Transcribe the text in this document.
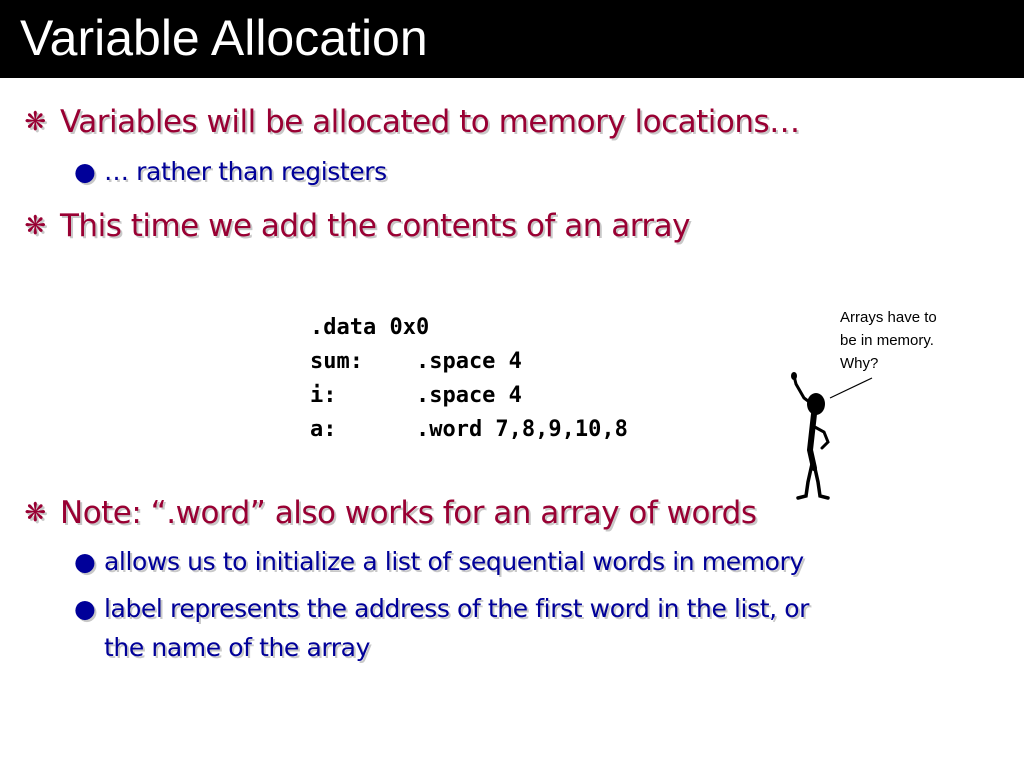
Variable Allocation
❋ Variables will be allocated to memory locations…
● … rather than registers
❋ This time we add the contents of an array
.data 0x0
sum:    .space 4
i:      .space 4
a:      .word 7,8,9,10,8
Arrays have to
be in memory.
Why?
❋ Note: “.word” also works for an array of words
● allows us to initialize a list of sequential words in memory
● label represents the address of the first word in the list, or
the name of the array
